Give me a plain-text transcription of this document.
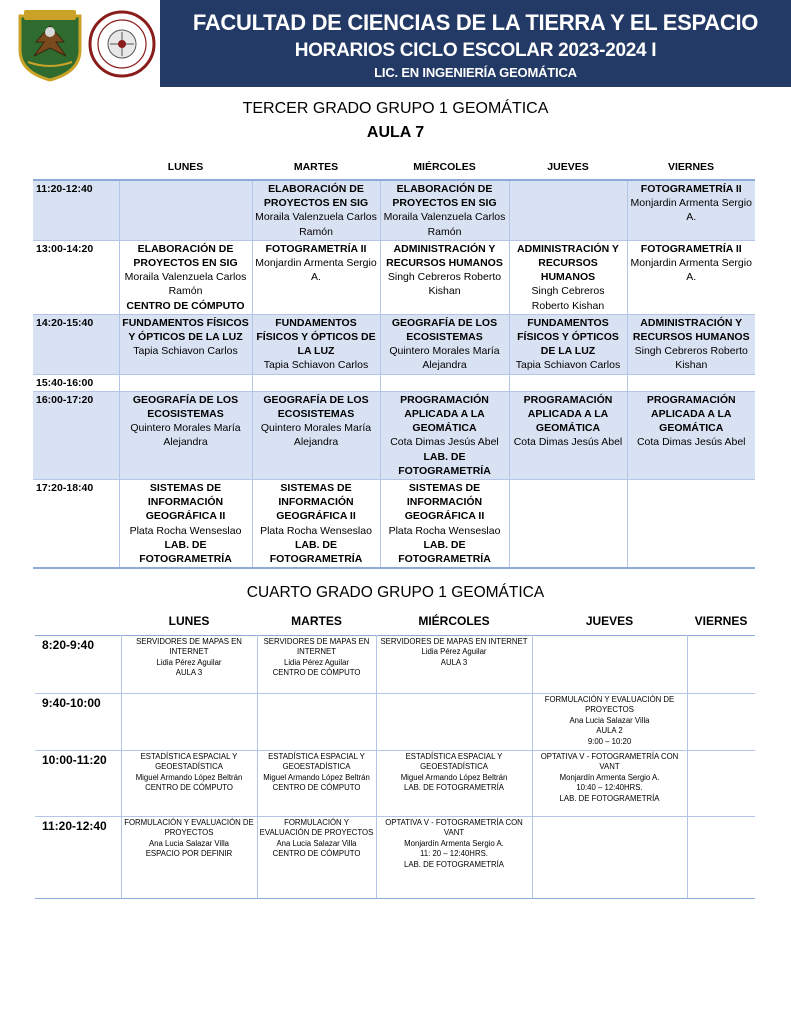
FACULTAD DE CIENCIAS DE LA TIERRA Y EL ESPACIO
HORARIOS CICLO ESCOLAR 2023-2024 I
LIC. EN INGENIERÍA GEOMÁTICA
TERCER GRADO GRUPO 1 GEOMÁTICA
AULA 7
	LUNES	MARTES	MIÉRCOLES	JUEVES	VIERNES
11:20-12:40		ELABORACIÓN DE PROYECTOS EN SIG
Moraila Valenzuela Carlos Ramón	ELABORACIÓN DE PROYECTOS EN SIG
Moraila Valenzuela Carlos Ramón		FOTOGRAMETRÍA II
Monjardin Armenta Sergio A.

13:00-14:20	ELABORACIÓN DE PROYECTOS EN SIG
Moraila Valenzuela Carlos Ramón
CENTRO DE CÓMPUTO	FOTOGRAMETRÍA II
Monjardin Armenta Sergio A.	ADMINISTRACIÓN Y RECURSOS HUMANOS
Singh Cebreros Roberto Kishan	ADMINISTRACIÓN Y RECURSOS HUMANOS
Singh Cebreros Roberto Kishan	FOTOGRAMETRÍA II
Monjardin Armenta Sergio A.

14:20-15:40	FUNDAMENTOS FÍSICOS Y ÓPTICOS DE LA LUZ
Tapia Schiavon Carlos	FUNDAMENTOS FÍSICOS Y ÓPTICOS DE LA LUZ
Tapia Schiavon Carlos	GEOGRAFÍA DE LOS ECOSISTEMAS
Quintero Morales María Alejandra	FUNDAMENTOS FÍSICOS Y ÓPTICOS DE LA LUZ
Tapia Schiavon Carlos	ADMINISTRACIÓN Y RECURSOS HUMANOS
Singh Cebreros Roberto Kishan

15:40-16:00					
16:00-17:20	GEOGRAFÍA DE LOS ECOSISTEMAS
Quintero Morales María Alejandra	GEOGRAFÍA DE LOS ECOSISTEMAS
Quintero Morales María Alejandra	PROGRAMACIÓN APLICADA A LA GEOMÁTICA
Cota Dimas Jesús Abel
LAB. DE FOTOGRAMETRÍA	PROGRAMACIÓN APLICADA A LA GEOMÁTICA
Cota Dimas Jesús Abel	PROGRAMACIÓN APLICADA A LA GEOMÁTICA
Cota Dimas Jesús Abel

17:20-18:40	SISTEMAS DE INFORMACIÓN GEOGRÁFICA II
Plata Rocha Wenseslao
LAB. DE FOTOGRAMETRÍA	SISTEMAS DE INFORMACIÓN GEOGRÁFICA II
Plata Rocha Wenseslao
LAB. DE FOTOGRAMETRÍA	SISTEMAS DE INFORMACIÓN GEOGRÁFICA II
Plata Rocha Wenseslao
LAB. DE FOTOGRAMETRÍA		

CUARTO GRADO GRUPO 1 GEOMÁTICA
	LUNES	MARTES	MIÉRCOLES	JUEVES	VIERNES
8:20-9:40	SERVIDORES DE MAPAS EN INTERNET
Lidia Pérez Aguilar
AULA 3	SERVIDORES DE MAPAS EN INTERNET
Lidia Pérez Aguilar
CENTRO DE CÓMPUTO	SERVIDORES DE MAPAS EN INTERNET
Lidia Pérez Aguilar
AULA 3		

9:40-10:00				FORMULACIÓN Y EVALUACIÓN DE PROYECTOS
Ana Lucia Salazar Villa
AULA 2
9:00 – 10:20	

10:00-11:20	ESTADÍSTICA ESPACIAL Y GEOESTADÍSTICA
Miguel Armando López Beltrán
CENTRO DE CÓMPUTO	ESTADÍSTICA ESPACIAL Y GEOESTADÍSTICA
Miguel Armando López Beltrán
CENTRO DE CÓMPUTO	ESTADÍSTICA ESPACIAL Y GEOESTADÍSTICA
Miguel Armando López Beltrán
LAB. DE FOTOGRAMETRÍA	OPTATIVA V - FOTOGRAMETRÍA CON VANT
Monjardín Armenta Sergio A.
10:40 – 12:40HRS.
LAB. DE FOTOGRAMETRÍA	

11:20-12:40	FORMULACIÓN Y EVALUACIÓN DE PROYECTOS
Ana Lucia Salazar Villa
ESPACIO POR DEFINIR	FORMULACIÓN Y EVALUACIÓN DE PROYECTOS
Ana Lucia Salazar Villa
CENTRO DE CÓMPUTO	OPTATIVA V - FOTOGRAMETRÍA CON VANT
Monjardín Armenta Sergio A.
11: 20 – 12:40HRS.
LAB. DE FOTOGRAMETRÍA		
